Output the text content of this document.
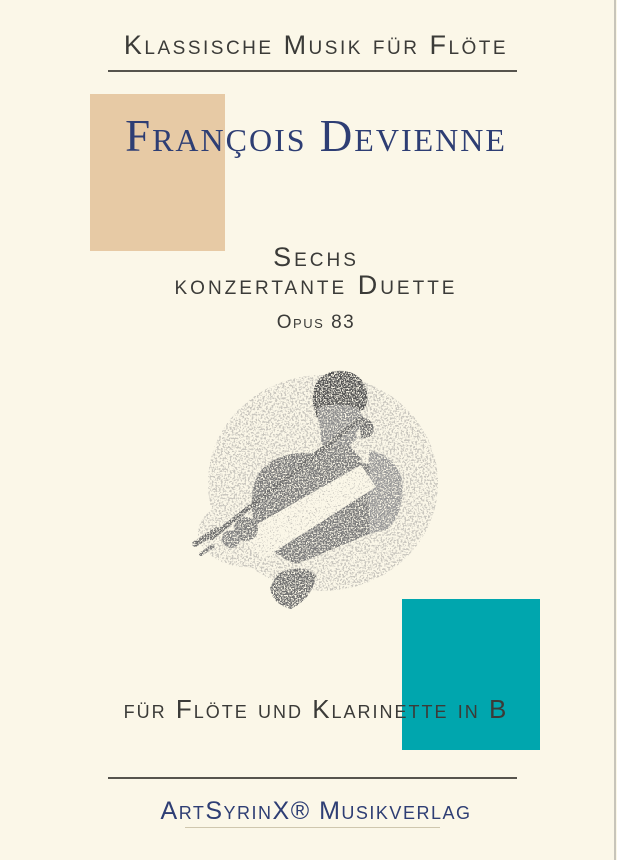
Klassische Musik für Flöte
François Devienne
Sechs
konzertante Duette
Opus 83
für Flöte und Klarinette in B
ArtSyrinX® Musikverlag
